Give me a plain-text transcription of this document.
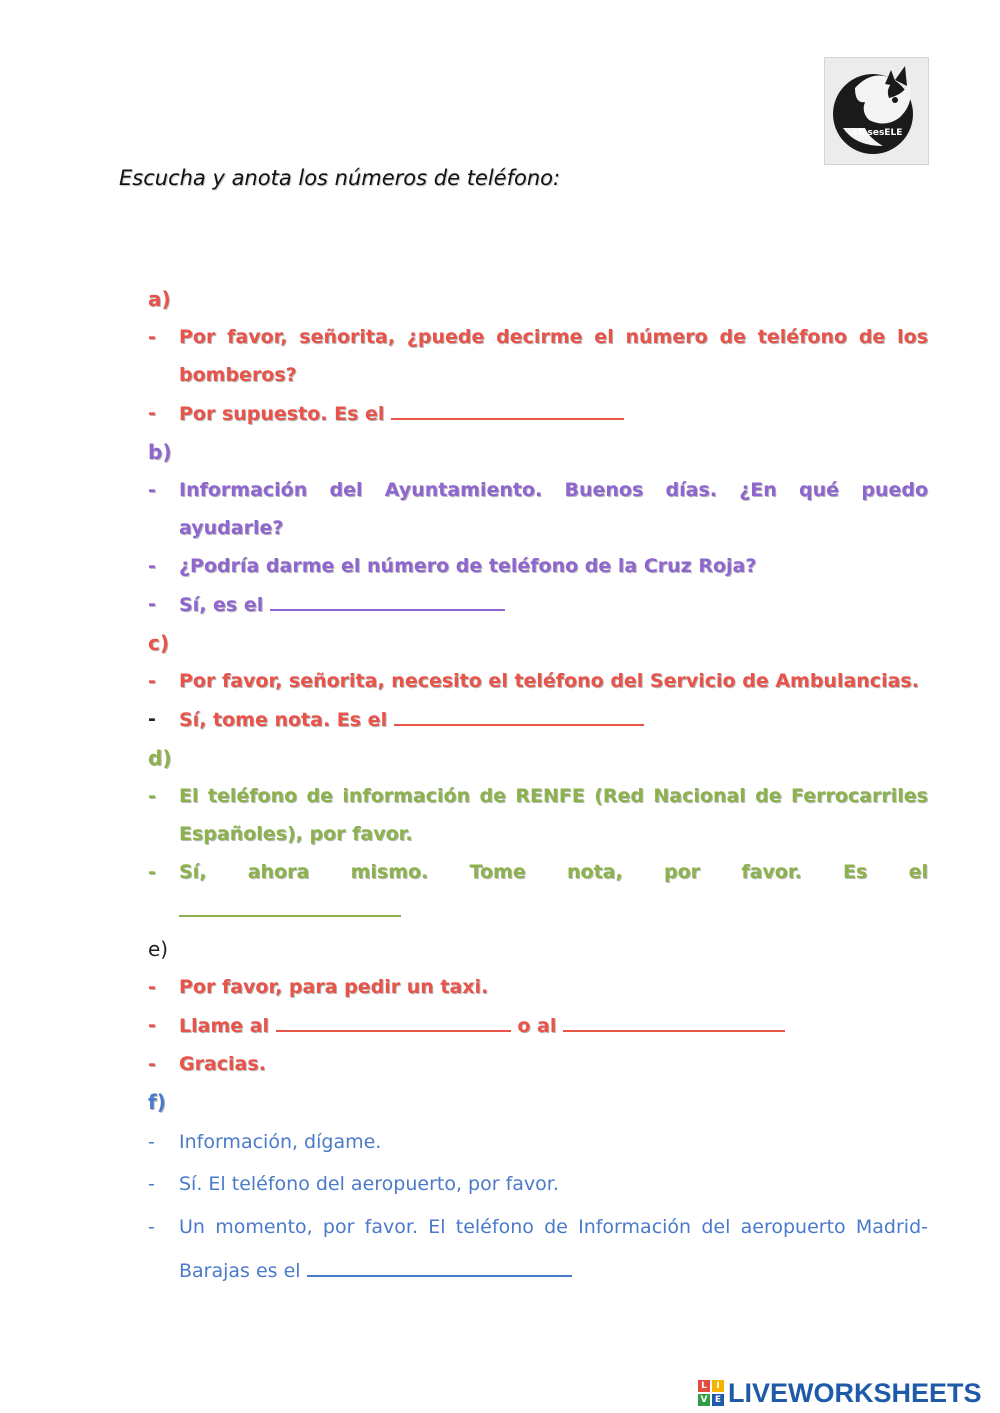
clasesELE
Escucha y anota los números de teléfono:
a)
-	Por favor, señorita, ¿puede decirme el número de teléfono de los bomberos?
-	Por supuesto. Es el
b)
-	Información del Ayuntamiento. Buenos días. ¿En qué puedo ayudarle?
-	¿Podría darme el número de teléfono de la Cruz Roja?
-	Sí, es el
c)
-	Por favor, señorita, necesito el teléfono del Servicio de Ambulancias.
-	Sí, tome nota. Es el
d)
-	El teléfono de información de RENFE (Red Nacional de Ferrocarriles Españoles), por favor.
-	Sí, ahora mismo. Tome nota, por favor. Es el
e)
-	Por favor, para pedir un taxi.
-	Llame al	o al
-	Gracias.
f)
-	Información, dígame.
-	Sí. El teléfono del aeropuerto, por favor.
-	Un momento, por favor. El teléfono de Información del aeropuerto Madrid-Barajas es el
L	I
V E LIVEWORKSHEETS
